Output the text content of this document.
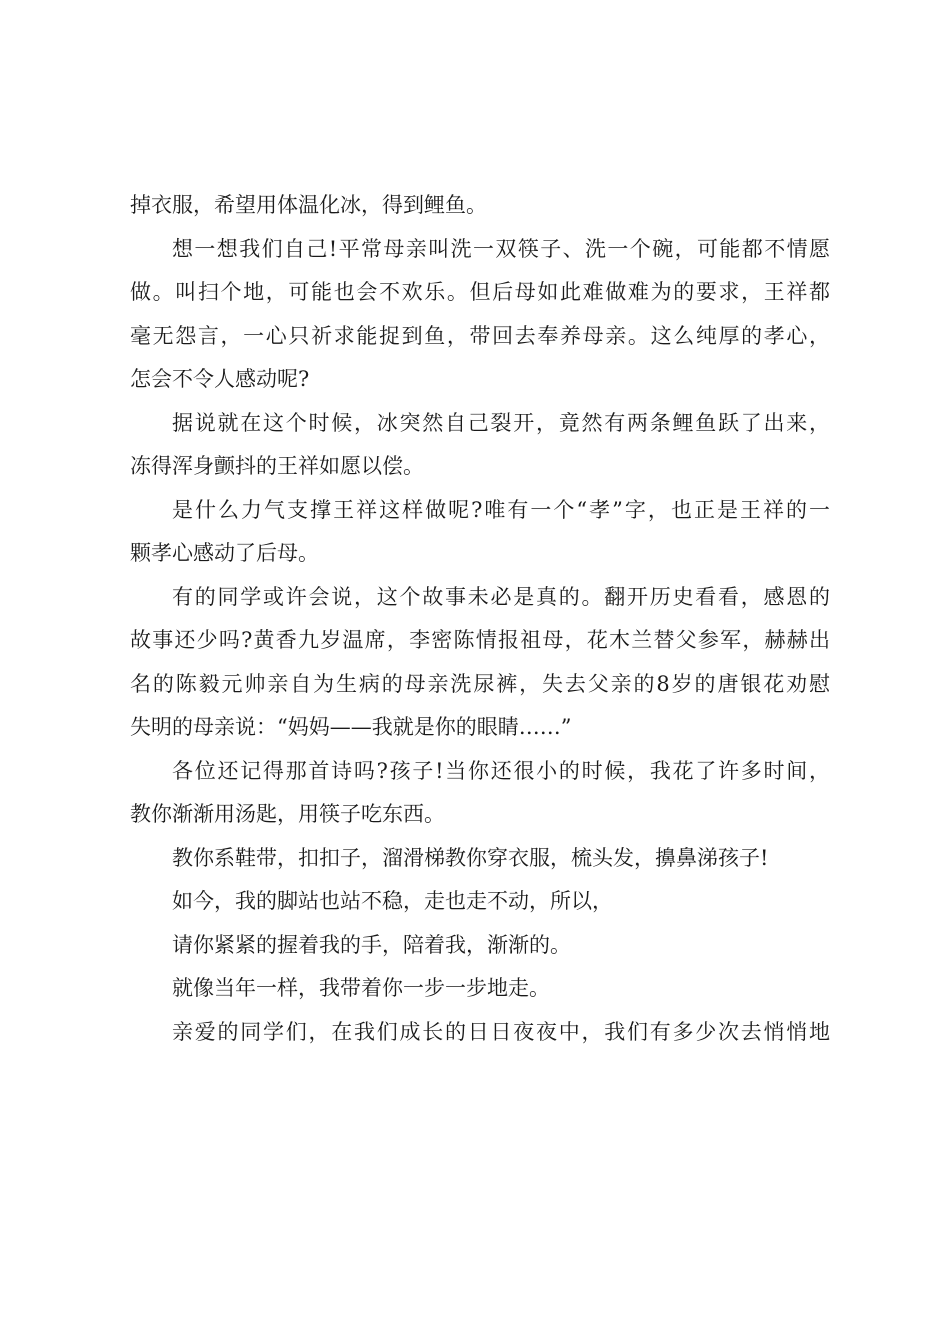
掉衣服，希望用体温化冰，得到鲤鱼。
想一想我们自己!平常母亲叫洗一双筷子、洗一个碗，可能都不情愿
做。叫扫个地，可能也会不欢乐。但后母如此难做难为的要求，王祥都
毫无怨言，一心只祈求能捉到鱼，带回去奉养母亲。这么纯厚的孝心，
怎会不令人感动呢?
据说就在这个时候，冰突然自己裂开，竟然有两条鲤鱼跃了出来，
冻得浑身颤抖的王祥如愿以偿。
是什么力气支撑王祥这样做呢?唯有一个“孝”字，也正是王祥的一
颗孝心感动了后母。
有的同学或许会说，这个故事未必是真的。翻开历史看看，感恩的
故事还少吗?黄香九岁温席，李密陈情报祖母，花木兰替父参军，赫赫出
名的陈毅元帅亲自为生病的母亲洗尿裤，失去父亲的8岁的唐银花劝慰
失明的母亲说：“妈妈——我就是你的眼睛……”
各位还记得那首诗吗?孩子!当你还很小的时候，我花了许多时间，
教你渐渐用汤匙，用筷子吃东西。
教你系鞋带，扣扣子，溜滑梯教你穿衣服，梳头发，擤鼻涕孩子!
如今，我的脚站也站不稳，走也走不动，所以，
请你紧紧的握着我的手，陪着我，渐渐的。
就像当年一样，我带着你一步一步地走。
亲爱的同学们，在我们成长的日日夜夜中，我们有多少次去悄悄地
